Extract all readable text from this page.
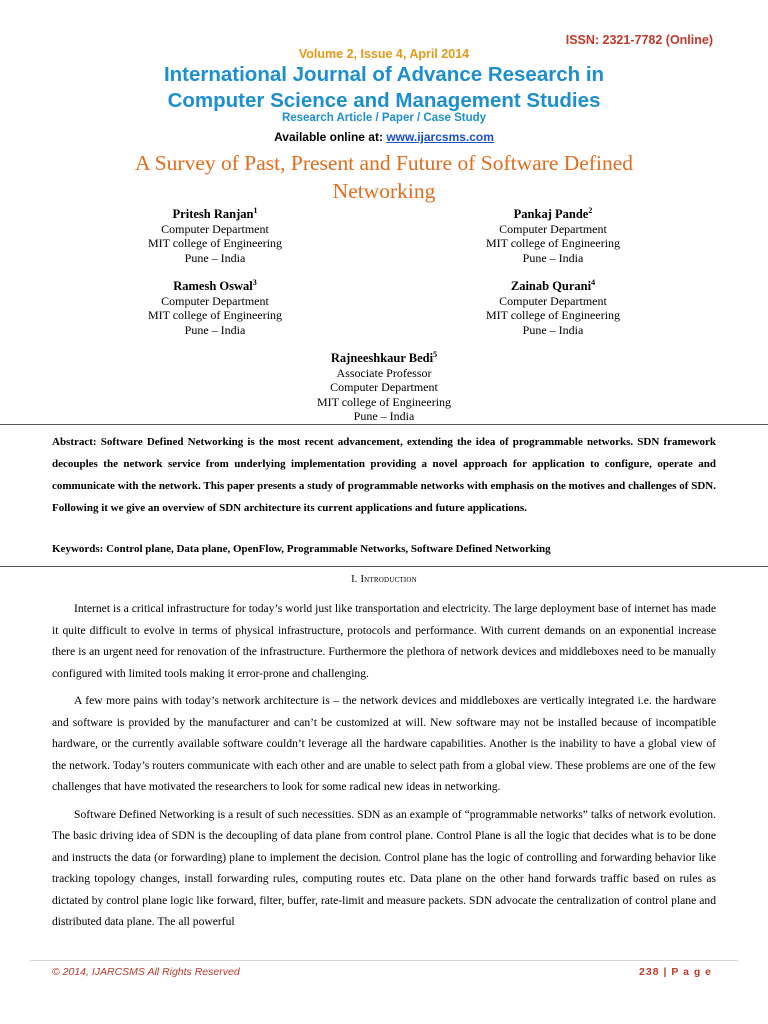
ISSN: 2321-7782 (Online)
Volume 2, Issue 4, April 2014
International Journal of Advance Research in
Computer Science and Management Studies
Research Article / Paper / Case Study
Available online at: www.ijarcsms.com
A Survey of Past, Present and Future of Software Defined
Networking
Pritesh Ranjan$^1$
Computer Department
MIT college of Engineering
Pune – India
Pankaj Pande$^2$
Computer Department
MIT college of Engineering
Pune – India
Ramesh Oswal$^3$
Computer Department
MIT college of Engineering
Pune – India
Zainab Qurani$^4$
Computer Department
MIT college of Engineering
Pune – India
Rajneeshkaur Bedi$^5$
Associate Professor
Computer Department
MIT college of Engineering
Pune – India
Abstract: Software Defined Networking is the most recent advancement, extending the idea of programmable networks. SDN framework decouples the network service from underlying implementation providing a novel approach for application to configure, operate and communicate with the network. This paper presents a study of programmable networks with emphasis on the motives and challenges of SDN. Following it we give an overview of SDN architecture its current applications and future applications.
Keywords: Control plane, Data plane, OpenFlow, Programmable Networks, Software Defined Networking
I. Introduction

Internet is a critical infrastructure for today’s world just like transportation and electricity. The large deployment base of internet has made it quite difficult to evolve in terms of physical infrastructure, protocols and performance. With current demands on an exponential increase there is an urgent need for renovation of the infrastructure. Furthermore the plethora of network devices and middleboxes need to be manually configured with limited tools making it error-prone and challenging.

A few more pains with today’s network architecture is – the network devices and middleboxes are vertically integrated i.e. the hardware and software is provided by the manufacturer and can’t be customized at will. New software may not be installed because of incompatible hardware, or the currently available software couldn’t leverage all the hardware capabilities. Another is the inability to have a global view of the network. Today’s routers communicate with each other and are unable to select path from a global view. These problems are one of the few challenges that have motivated the researchers to look for some radical new ideas in networking.

Software Defined Networking is a result of such necessities. SDN as an example of “programmable networks” talks of network evolution. The basic driving idea of SDN is the decoupling of data plane from control plane. Control Plane is all the logic that decides what is to be done and instructs the data (or forwarding) plane to implement the decision. Control plane has the logic of controlling and forwarding behavior like tracking topology changes, install forwarding rules, computing routes etc. Data plane on the other hand forwards traffic based on rules as dictated by control plane logic like forward, filter, buffer, rate-limit and measure packets. SDN advocate the centralization of control plane and distributed data plane. The all powerful

© 2014, IJARCSMS All Rights Reserved	238 | P a g e
